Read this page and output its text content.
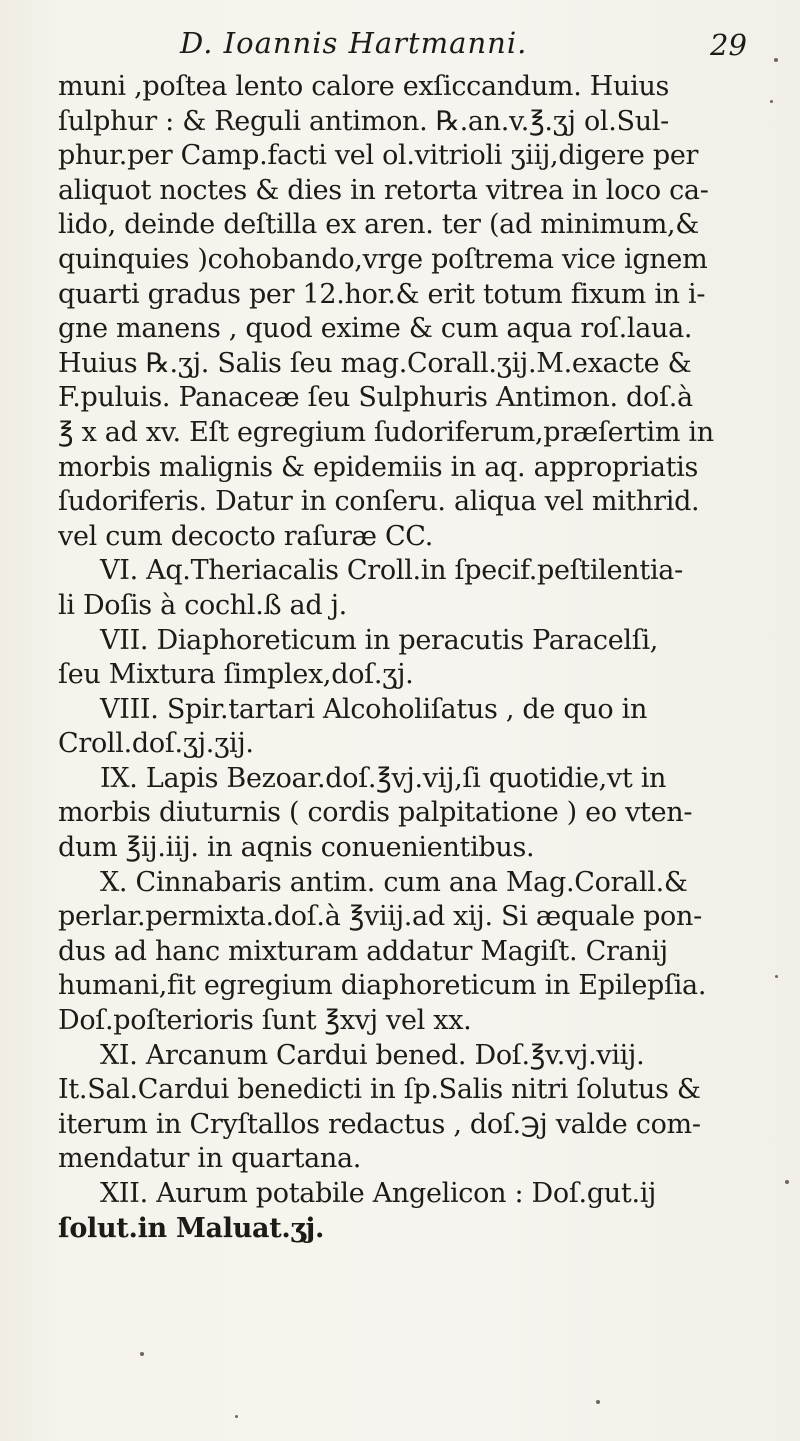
D. Ioannis Hartmanni.	29
muni ,poſtea lento calore exſiccandum. Huius
ſulphur : & Reguli antimon. ℞.an.v.℥.ʒj ol.Sul-
phur.per Camp.facti vel ol.vitrioli ʒiij,digere per
aliquot noctes & dies in retorta vitrea in loco ca-
lido, deinde deſtilla ex aren. ter (ad minimum,&
quinquies )cohobando,vrge poſtrema vice ignem
quarti gradus per 12.hor.& erit totum fixum in i-
gne manens , quod exime & cum aqua roſ.laua.
Huius ℞.ʒj. Salis ſeu mag.Corall.ʒij.M.exacte &
F.puluis. Panaceæ ſeu Sulphuris Antimon. doſ.à
℥ x ad xv. Eſt egregium ſudoriferum,præſertim in
morbis malignis & epidemiis in aq. appropriatis
ſudoriferis. Datur in conſeru. aliqua vel mithrid.
vel cum decocto raſuræ CC.
VI. Aq.Theriacalis Croll.in ſpecif.peſtilentia-
li Doſis à cochl.ß ad j.
VII. Diaphoreticum in peracutis Paracelſi,
ſeu Mixtura ſimplex,doſ.ʒj.
VIII. Spir.tartari Alcoholiſatus , de quo in
Croll.doſ.ʒj.ʒij.
IX. Lapis Bezoar.doſ.℥vj.vij,ſi quotidie,vt in
morbis diuturnis ( cordis palpitatione ) eo vten-
dum ℥ij.iij. in aqnis conuenientibus.
X. Cinnabaris antim. cum ana Mag.Corall.&
perlar.permixta.doſ.à ℥viij.ad xij. Si æquale pon-
dus ad hanc mixturam addatur Magiſt. Cranij
humani,fit egregium diaphoreticum in Epilepſia.
Doſ.poſterioris ſunt ℥xvj vel xx.
XI. Arcanum Cardui bened. Doſ.℥v.vj.viij.
It.Sal.Cardui benedicti in ſp.Salis nitri ſolutus &
iterum in Cryſtallos redactus , doſ.℈j valde com-
mendatur in quartana.
XII. Aurum potabile Angelicon : Doſ.gut.ij
ſolut.in Maluat.ʒj.
